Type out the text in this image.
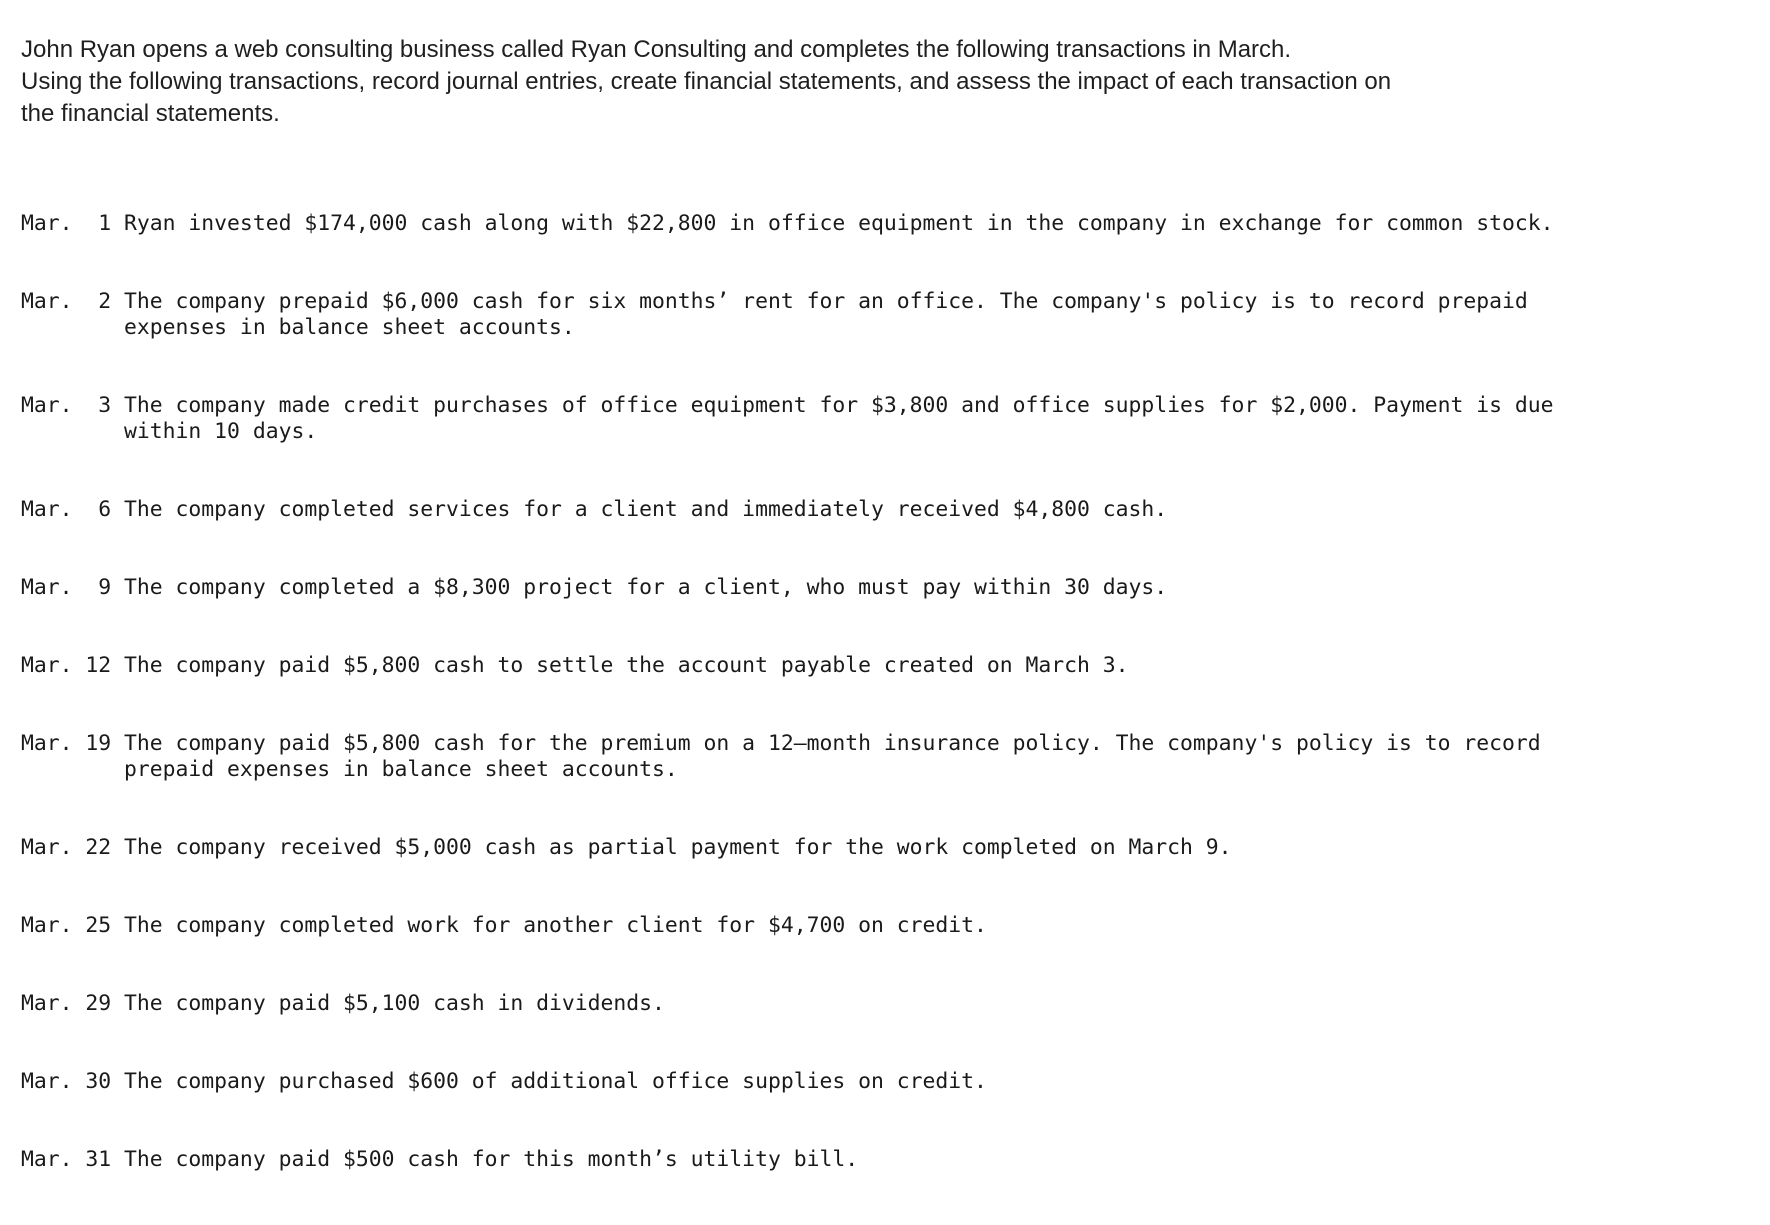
John Ryan opens a web consulting business called Ryan Consulting and completes the following transactions in March.

Using the following transactions, record journal entries, create financial statements, and assess the impact of each transaction on

the financial statements.

Mar.  1 Ryan invested $174,000 cash along with $22,800 in office equipment in the company in exchange for common stock.

Mar.  2 The company prepaid $6,000 cash for six months’ rent for an office. The company's policy is to record prepaid
expenses in balance sheet accounts.

Mar.  3 The company made credit purchases of office equipment for $3,800 and office supplies for $2,000. Payment is due
within 10 days.

Mar.  6 The company completed services for a client and immediately received $4,800 cash.

Mar.  9 The company completed a $8,300 project for a client, who must pay within 30 days.

Mar. 12 The company paid $5,800 cash to settle the account payable created on March 3.

Mar. 19 The company paid $5,800 cash for the premium on a 12–month insurance policy. The company's policy is to record
prepaid expenses in balance sheet accounts.

Mar. 22 The company received $5,000 cash as partial payment for the work completed on March 9.

Mar. 25 The company completed work for another client for $4,700 on credit.

Mar. 29 The company paid $5,100 cash in dividends.

Mar. 30 The company purchased $600 of additional office supplies on credit.

Mar. 31 The company paid $500 cash for this month’s utility bill.
